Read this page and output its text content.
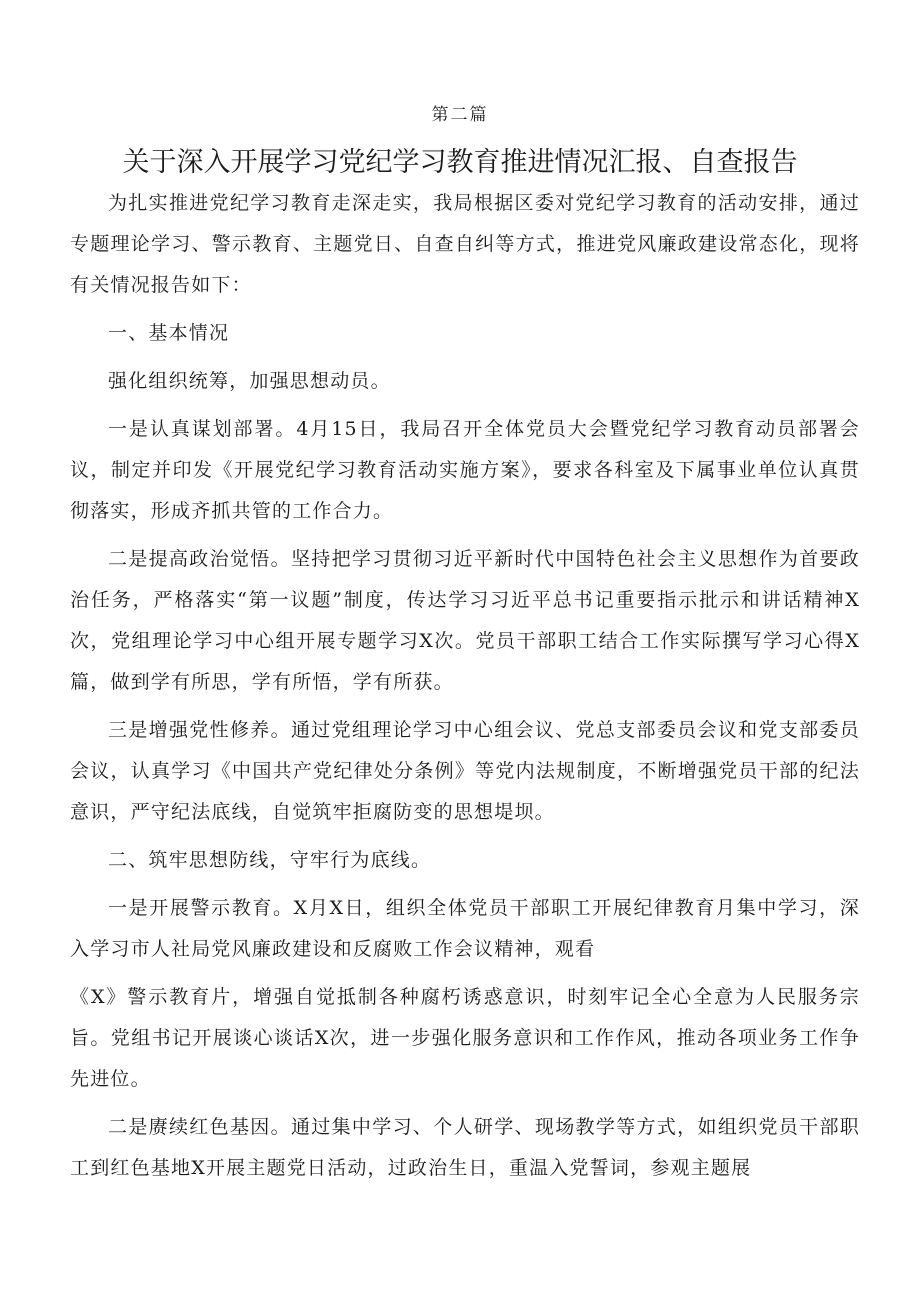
第二篇
关于深入开展学习党纪学习教育推进情况汇报、自查报告

为扎实推进党纪学习教育走深走实，我局根据区委对党纪学习教育的活动安排，通过专题理论学习、警示教育、主题党日、自查自纠等方式，推进党风廉政建设常态化，现将有关情况报告如下：

一、基本情况

强化组织统筹，加强思想动员。

一是认真谋划部署。4月15日，我局召开全体党员大会暨党纪学习教育动员部署会议，制定并印发《开展党纪学习教育活动实施方案》，要求各科室及下属事业单位认真贯彻落实，形成齐抓共管的工作合力。

二是提高政治觉悟。坚持把学习贯彻习近平新时代中国特色社会主义思想作为首要政治任务，严格落实“第一议题”制度，传达学习习近平总书记重要指示批示和讲话精神X次，党组理论学习中心组开展专题学习X次。党员干部职工结合工作实际撰写学习心得X篇，做到学有所思，学有所悟，学有所获。

三是增强党性修养。通过党组理论学习中心组会议、党总支部委员会议和党支部委员会议，认真学习《中国共产党纪律处分条例》等党内法规制度，不断增强党员干部的纪法意识，严守纪法底线，自觉筑牢拒腐防变的思想堤坝。

二、筑牢思想防线，守牢行为底线。

一是开展警示教育。X月X日，组织全体党员干部职工开展纪律教育月集中学习，深入学习市人社局党风廉政建设和反腐败工作会议精神，观看

《X》警示教育片，增强自觉抵制各种腐朽诱惑意识，时刻牢记全心全意为人民服务宗旨。党组书记开展谈心谈话X次，进一步强化服务意识和工作作风，推动各项业务工作争先进位。

二是赓续红色基因。通过集中学习、个人研学、现场教学等方式，如组织党员干部职工到红色基地X开展主题党日活动，过政治生日，重温入党誓词，参观主题展
